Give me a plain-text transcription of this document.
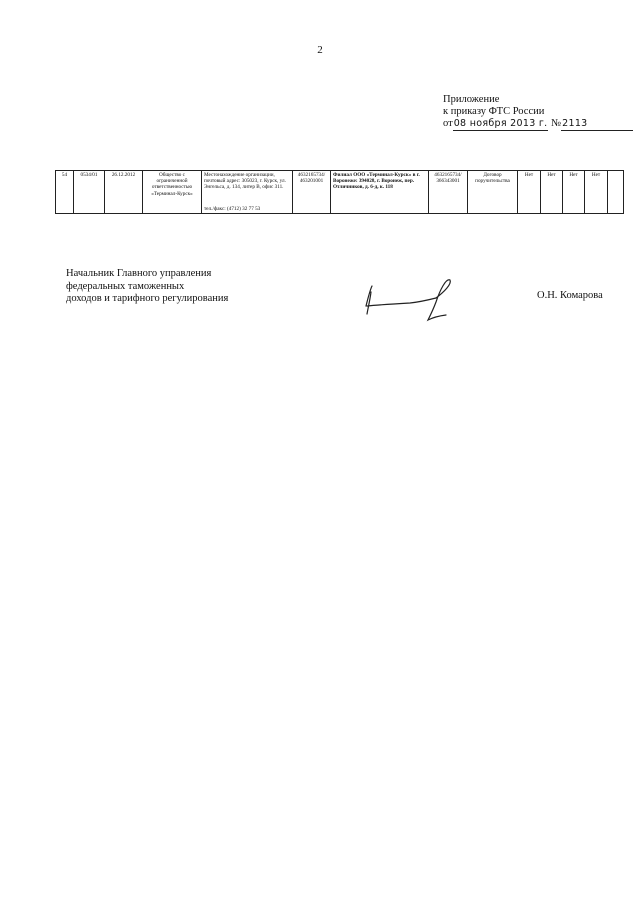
2
Приложение
к приказу ФТС России
от08 ноября 2013 г. №2113
54	0534/01	26.12.2012	Общество с ограниченной ответственностью «Терминал-Курск»	Местонахождение организации, почтовый адрес: 305023, г. Курск, ул. Энгельса, д. 134, литер В, офис 311.	4632165734/ 463201001	Филиал ООО «Терминал-Курск» в г. Воронеже: 394028, г. Воронеж, пер. Отличников, д. 6-д, к. 118	4632165734/ 366343001	Договор поручительства	Нет	Нет	Нет	Нет	
тел./факс: (4712) 32 77 53
Начальник Главного управления
федеральных таможенных
доходов и тарифного регулирования	О.Н. Комарова
